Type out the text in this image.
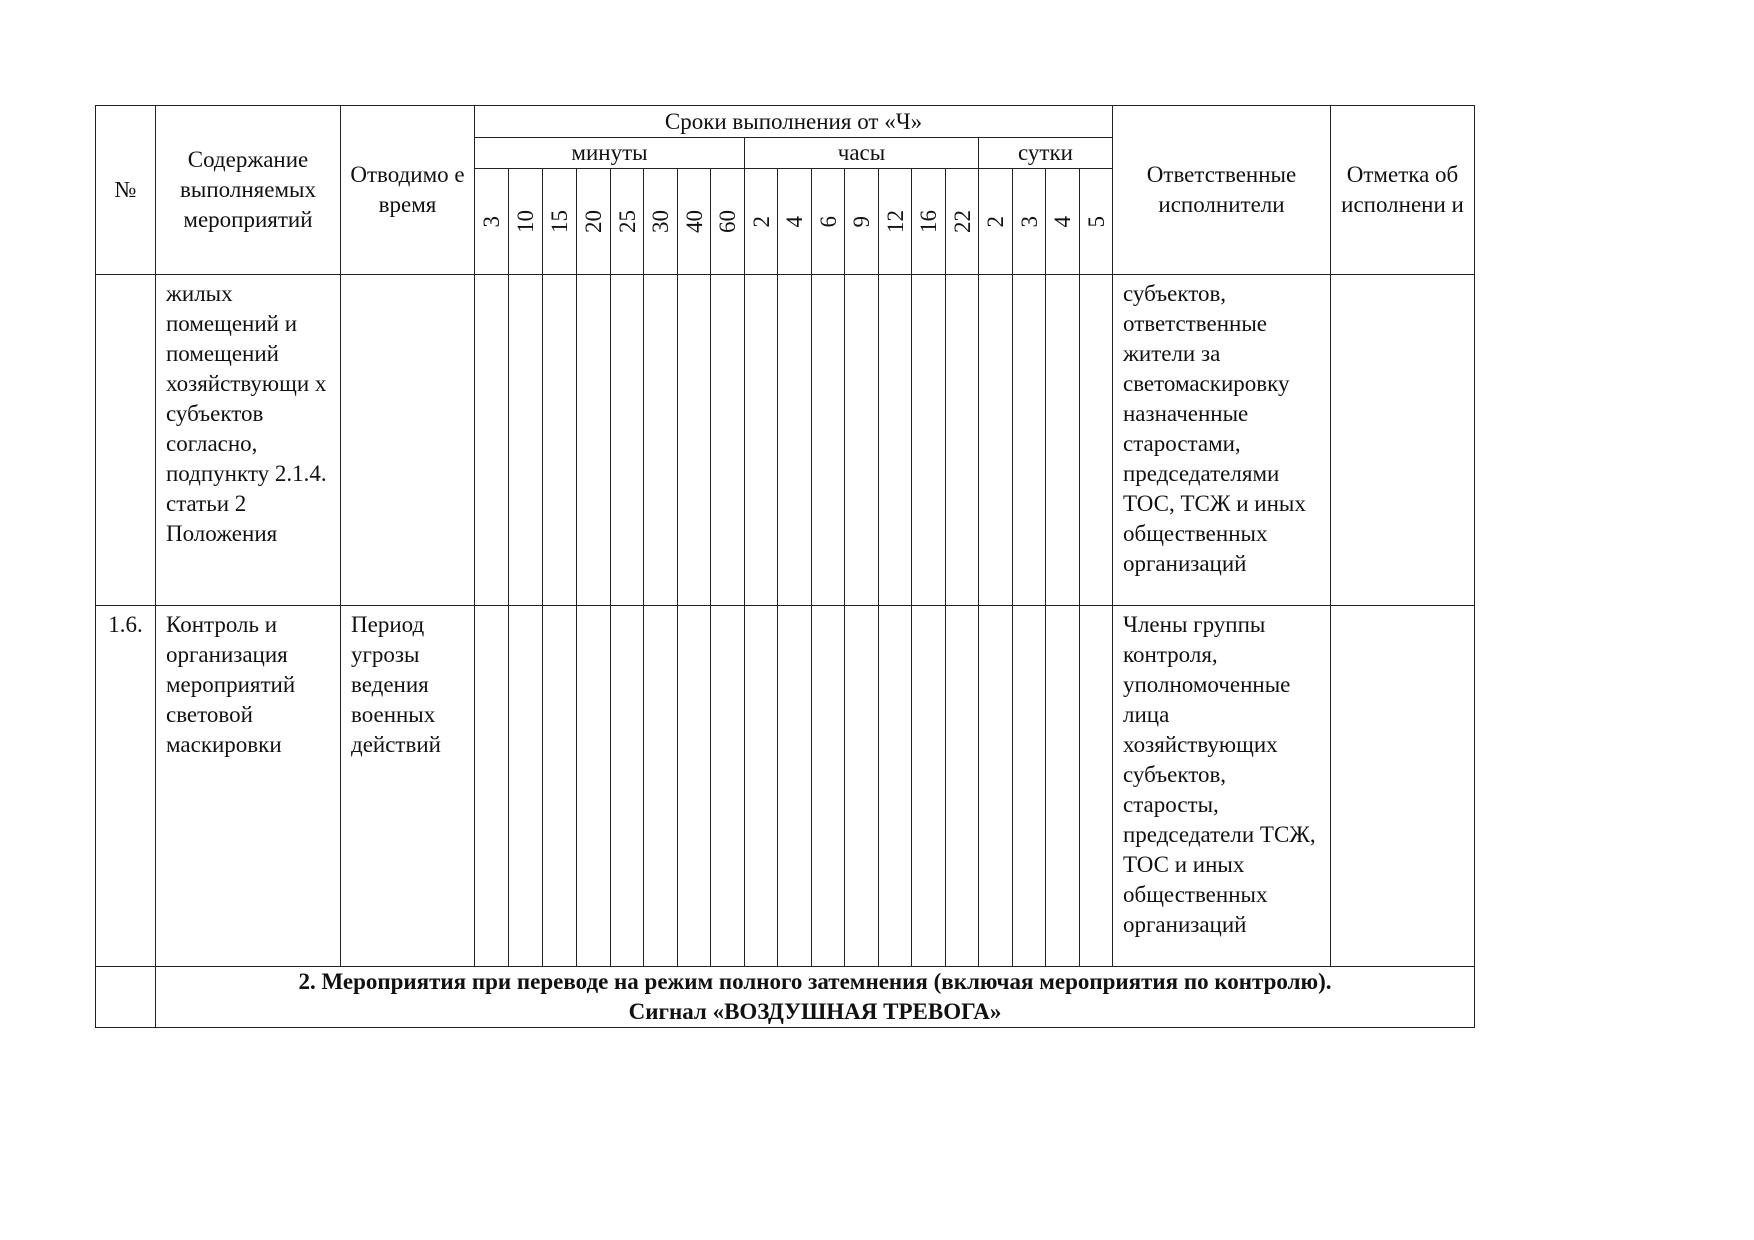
№	Содержание выполняемых мероприятий	Отводимо е время	Сроки выполнения от «Ч»																			Ответственные исполнители	Отметка об исполнени и
			минуты								часы							сутки					

			3	10	15	20	25	30	40	60	2	4	6	9	12	16	22	2	3	4	5		

	жилых помещений и помещений хозяйствующи х субъектов согласно, подпункту 2.1.4. статьи 2 Положения																					субъектов, ответственные жители за светомаскировку назначенные старостами, председателями ТОС, ТСЖ и иных общественных организаций	
1.6.	Контроль и организация мероприятий световой маскировки	Период угрозы ведения военных действий																				Члены группы контроля, уполномоченные лица хозяйствующих субъектов, старосты, председатели ТСЖ, ТОС и иных общественных организаций	

	2. Мероприятия при переводе на режим полного затемнения (включая мероприятия по контролю).
Сигнал «ВОЗДУШНАЯ ТРЕВОГА»																						
